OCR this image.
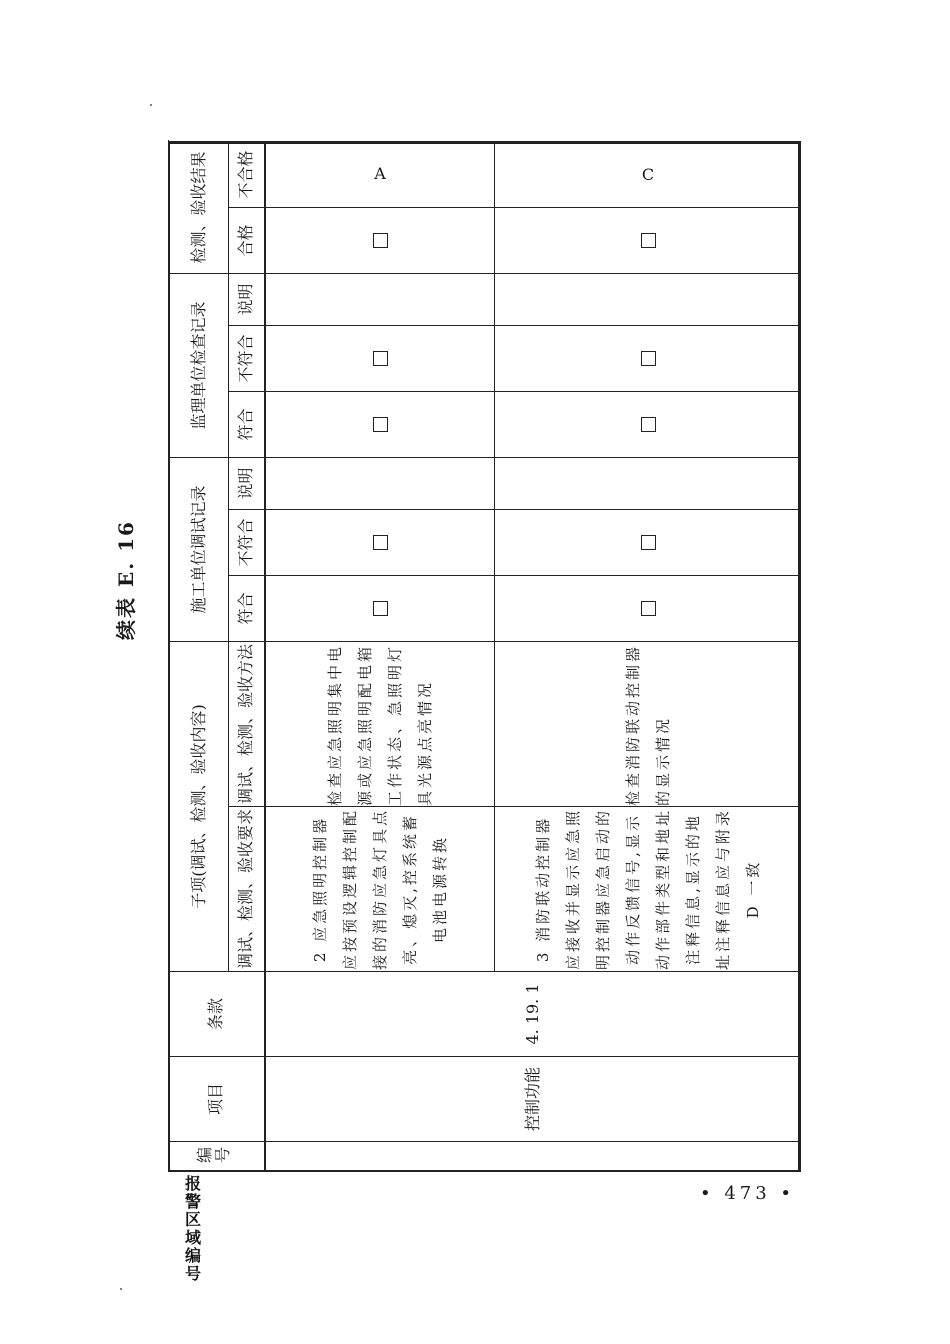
续表 E. 16
编号	项目	条款	子项(调试、检测、验收内容)		施工单位调试记录			监理单位检查记录			检测、验收结果	
			调试、检测、验收要求	调试、检测、验收方法	符合	不符合	说明	符合	不符合	说明	合格	不合格
	控制功能	4. 19. 1	2 应急照明控制器应按预设逻辑控制配接的消防应急灯具点亮、熄灭,控系统蓄电池电源转换	检查应急照明集中电源或应急照明配电箱工作状态、急照明灯具光源点亮情况								A
			3 消防联动控制器应接收并显示应急照明控制器应急启动的动作反馈信号,显示动作部件类型和地址注释信息,显示的地址注释信息应与附录 D 一致	检查消防联动控制器的显示情况								C
报警区域编号
• 473 •
